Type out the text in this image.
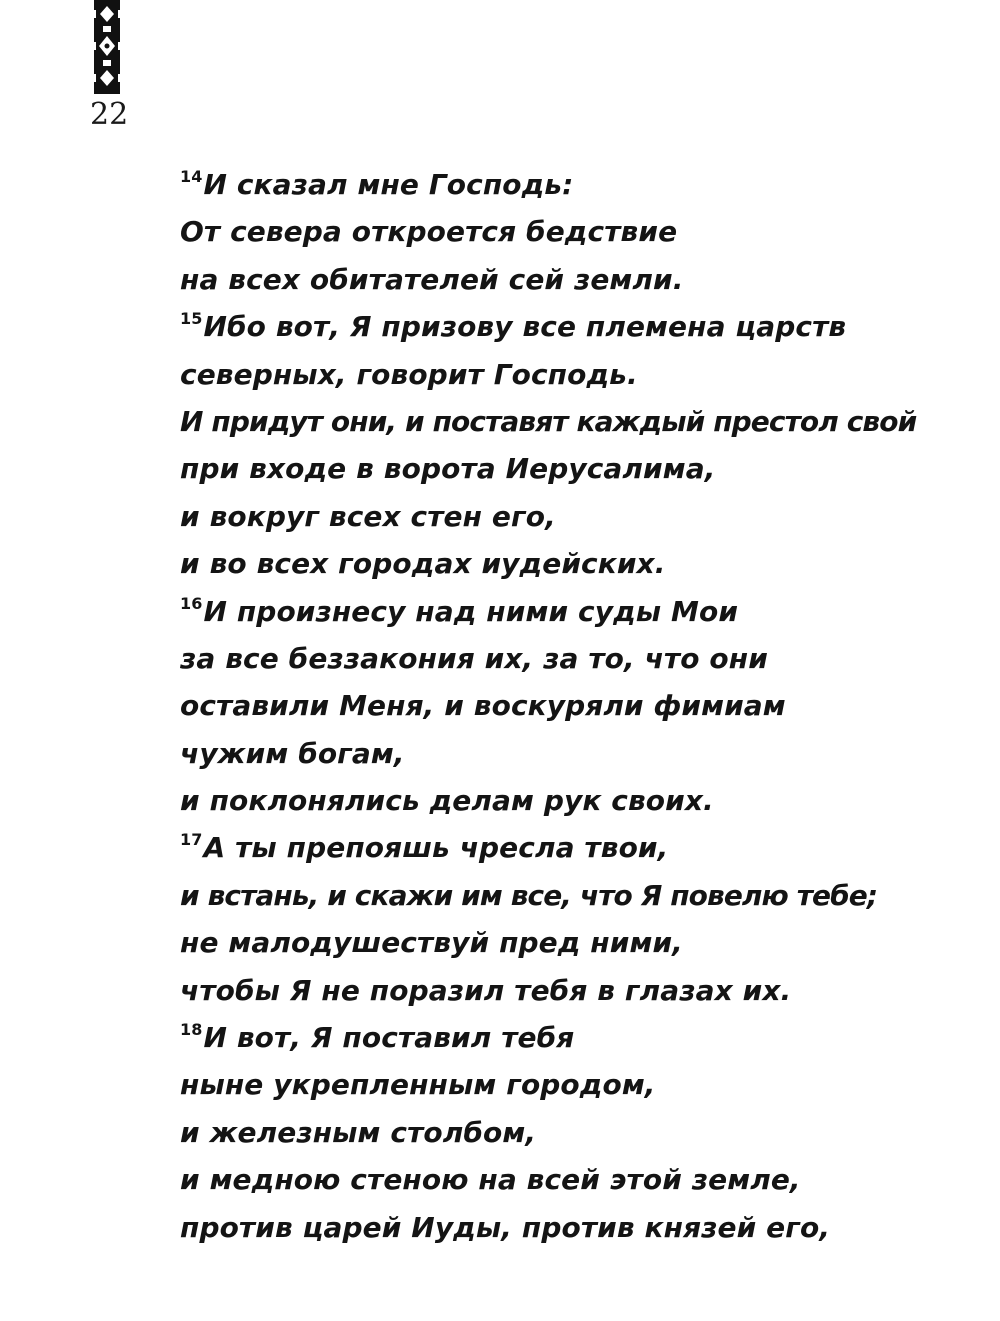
22
$^{14}$И сказал мне Господь:
От севера откроется бедствие
на всех обитателей сей земли.
$^{15}$Ибо вот, Я призову все племена царств
северных, говорит Господь.
И придут они, и поставят каждый престол свой
при входе в ворота Иерусалима,
и вокруг всех стен его,
и во всех городах иудейских.
$^{16}$И произнесу над ними суды Мои
за все беззакония их, за то, что они
оставили Меня, и воскуряли фимиам
чужим богам,
и поклонялись делам рук своих.
$^{17}$А ты препояшь чресла твои,
и встань, и скажи им все, что Я повелю тебе;
не малодушествуй пред ними,
чтобы Я не поразил тебя в глазах их.
$^{18}$И вот, Я поставил тебя
ныне укрепленным городом,
и железным столбом,
и медною стеною на всей этой земле,
против царей Иуды, против князей его,
